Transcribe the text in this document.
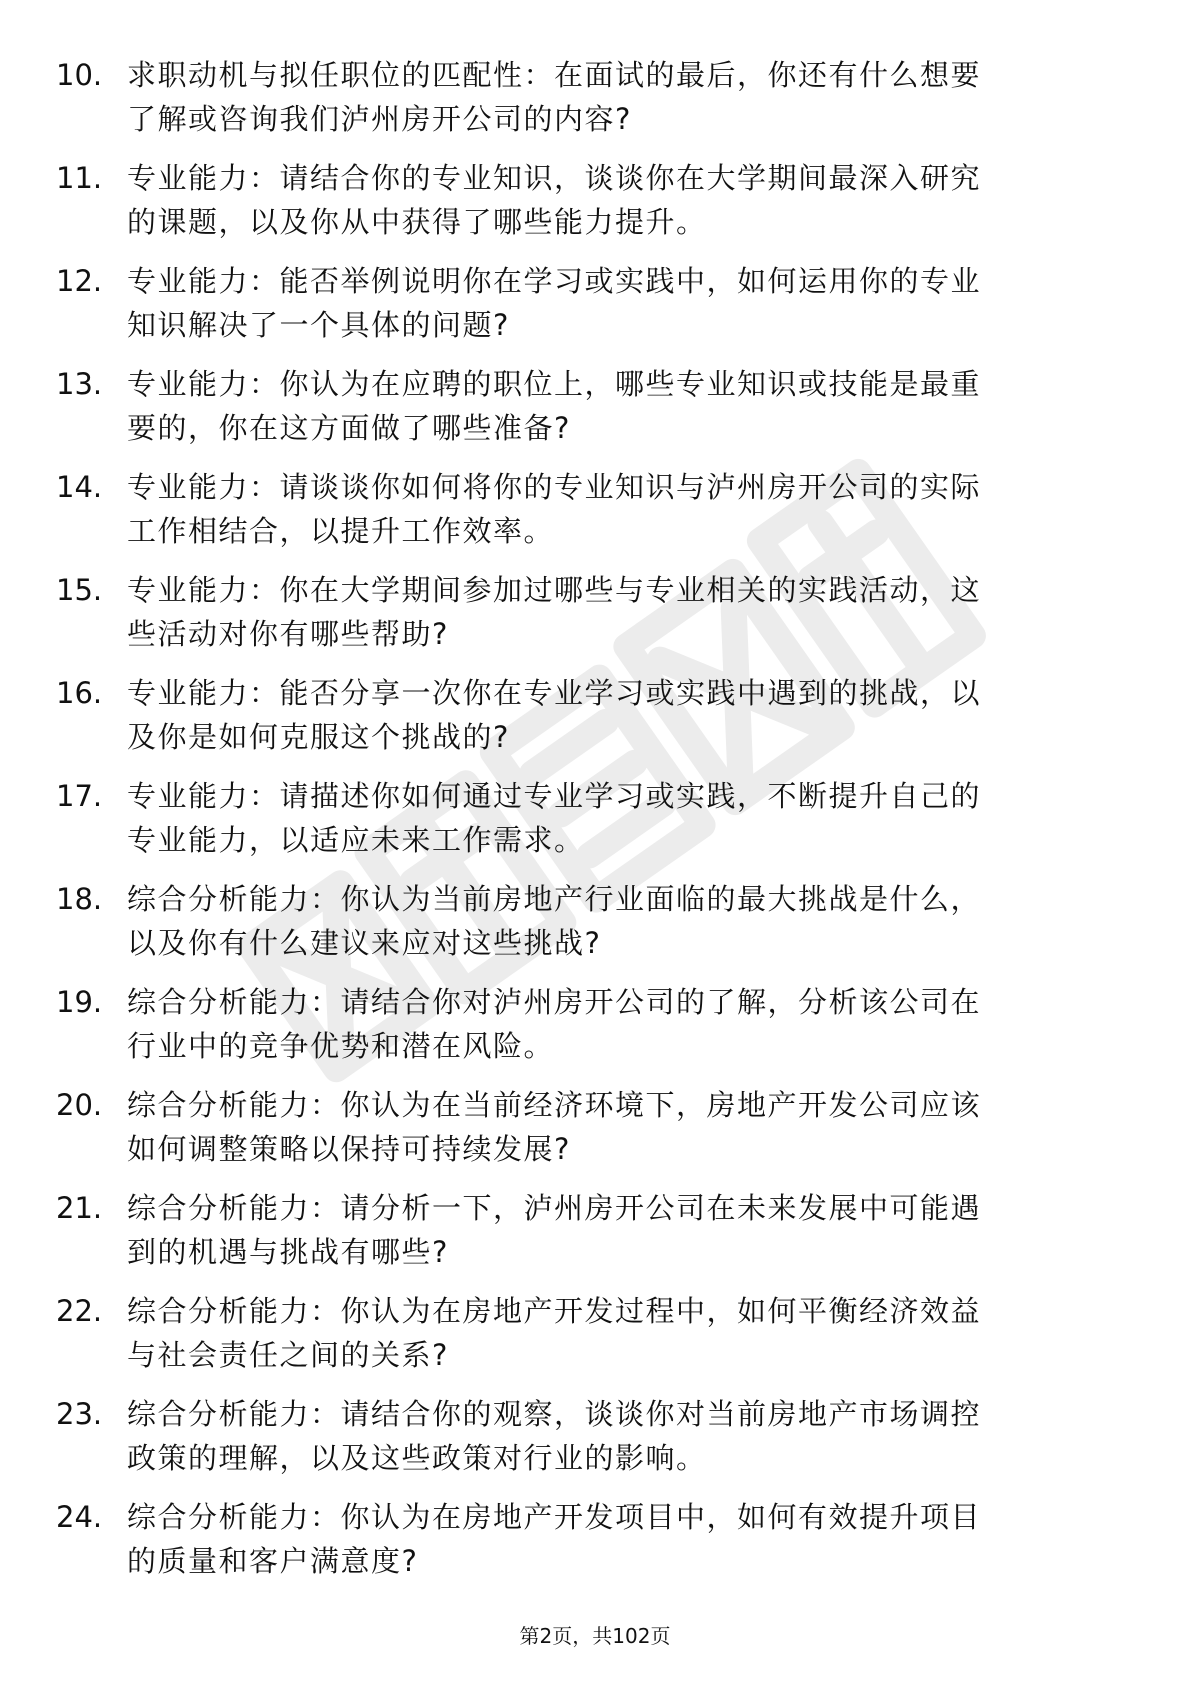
10. 求职动机与拟任职位的匹配性：在面试的最后，你还有什么想要
了解或咨询我们泸州房开公司的内容?
11. 专业能力：请结合你的专业知识，谈谈你在大学期间最深入研究
的课题，以及你从中获得了哪些能力提升。
12. 专业能力：能否举例说明你在学习或实践中，如何运用你的专业
知识解决了一个具体的问题?
13. 专业能力：你认为在应聘的职位上，哪些专业知识或技能是最重
要的，你在这方面做了哪些准备?
14. 专业能力：请谈谈你如何将你的专业知识与泸州房开公司的实际
工作相结合，以提升工作效率。
15. 专业能力：你在大学期间参加过哪些与专业相关的实践活动，这
些活动对你有哪些帮助?
16. 专业能力：能否分享一次你在专业学习或实践中遇到的挑战，以
及你是如何克服这个挑战的?
17. 专业能力：请描述你如何通过专业学习或实践，不断提升自己的
专业能力，以适应未来工作需求。
18. 综合分析能力：你认为当前房地产行业面临的最大挑战是什么，
以及你有什么建议来应对这些挑战?
19. 综合分析能力：请结合你对泸州房开公司的了解，分析该公司在
行业中的竞争优势和潜在风险。
20. 综合分析能力：你认为在当前经济环境下，房地产开发公司应该
如何调整策略以保持可持续发展?
21. 综合分析能力：请分析一下，泸州房开公司在未来发展中可能遇
到的机遇与挑战有哪些?
22. 综合分析能力：你认为在房地产开发过程中，如何平衡经济效益
与社会责任之间的关系?
23. 综合分析能力：请结合你的观察，谈谈你对当前房地产市场调控
政策的理解，以及这些政策对行业的影响。
24. 综合分析能力：你认为在房地产开发项目中，如何有效提升项目
的质量和客户满意度?
第2页，共102页
